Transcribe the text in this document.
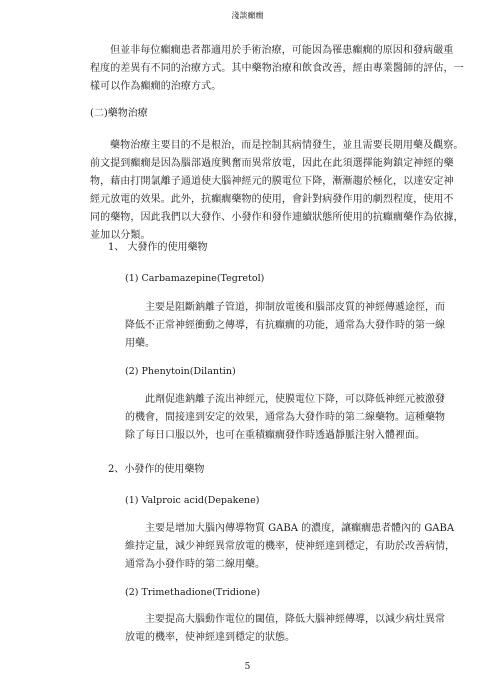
淺談癲癇
但並非每位癲癇患者都適用於手術治療，可能因為罹患癲癇的原因和發病嚴重
程度的差異有不同的治療方式。其中藥物治療和飲食改善，經由專業醫師的評估，一
樣可以作為癲癇的治療方式。
(二)藥物治療
藥物治療主要目的不是根治，而是控制其病情發生，並且需要長期用藥及觀察。
前文提到癲癇是因為腦部過度興奮而異常放電，因此在此須選擇能夠鎮定神經的藥
物，藉由打開氯離子通道使大腦神經元的膜電位下降，漸漸趨於極化，以達安定神
經元放電的效果。此外，抗癲癇藥物的使用，會針對病發作用的劇烈程度，使用不
同的藥物，因此我們以大發作、小發作和發作連續狀態所使用的抗癲癇藥作為依據，
並加以分類。
1、 大發作的使用藥物
(1) Carbamazepine(Tegretol)
主要是阻斷鈉離子管道，抑制放電後和腦部皮質的神經傳遞途徑，而
降低不正常神經衝動之傳導，有抗癲癇的功能，通常為大發作時的第一線
用藥。
(2) Phenytoin(Dilantin)
此劑促進鈉離子流出神經元，使膜電位下降，可以降低神經元被激發
的機會，間接達到安定的效果，通常為大發作時的第二線藥物。這種藥物
除了每日口服以外，也可在重積癲癇發作時透過靜脈注射入體裡面。
2、小發作的使用藥物
(1) Valproic acid(Depakene)
主要是增加大腦內傳導物質 GABA 的濃度，讓癲癇患者體內的 GABA
維持定量，減少神經異常放電的機率，使神經達到穩定，有助於改善病情，
通常為小發作時的第二線用藥。
(2) Trimethadione(Tridione)
主要提高大腦動作電位的閾值，降低大腦神經傳導，以減少病灶異常
放電的機率，使神經達到穩定的狀態。
5
